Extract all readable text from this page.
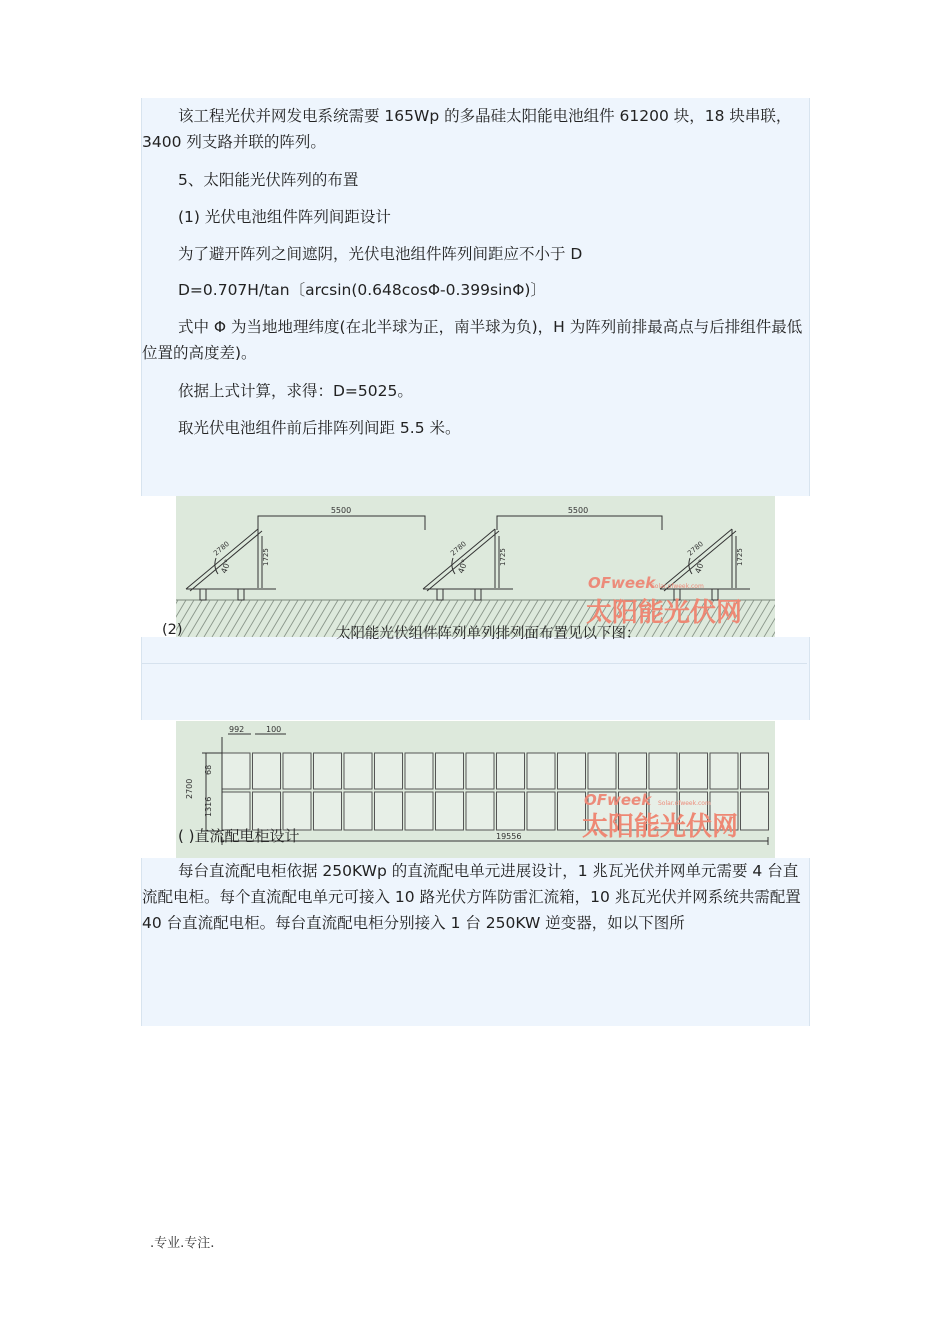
该工程光伏并网发电系统需要 165Wp 的多晶硅太阳能电池组件 61200 块，18 块串联，3400 列支路并联的阵列。

5、太阳能光伏阵列的布置

(1) 光伏电池组件阵列间距设计

为了避开阵列之间遮阴，光伏电池组件阵列间距应不小于 D

D=0.707H/tan〔arcsin(0.648cosΦ-0.399sinΦ)〕

式中 Φ 为当地地理纬度(在北半球为正，南半球为负)，H 为阵列前排最高点与后排组件最低位置的高度差)。

依据上式计算，求得：D=5025。

取光伏电池组件前后排阵列间距 5.5 米。

5500	5500
2780	1725
40°
2780	1725
40°
2780	1725
40°
OFweek
Solar.ofweek.com
太阳能光伏网
(2)	太阳能光伏组件阵列单列排列面布置见以下图：
992	100
2700
68
1316
19556
OFweek Solar.ofweek.com
太阳能光伏网
( )直流配电柜设计

每台直流配电柜依据 250KWp 的直流配电单元进展设计，1 兆瓦光伏并网单元需要 4 台直流配电柜。每个直流配电单元可接入 10 路光伏方阵防雷汇流箱，10 兆瓦光伏并网系统共需配置 40 台直流配电柜。每台直流配电柜分别接入 1 台 250KW 逆变器，如以下图所

.专业.专注.
